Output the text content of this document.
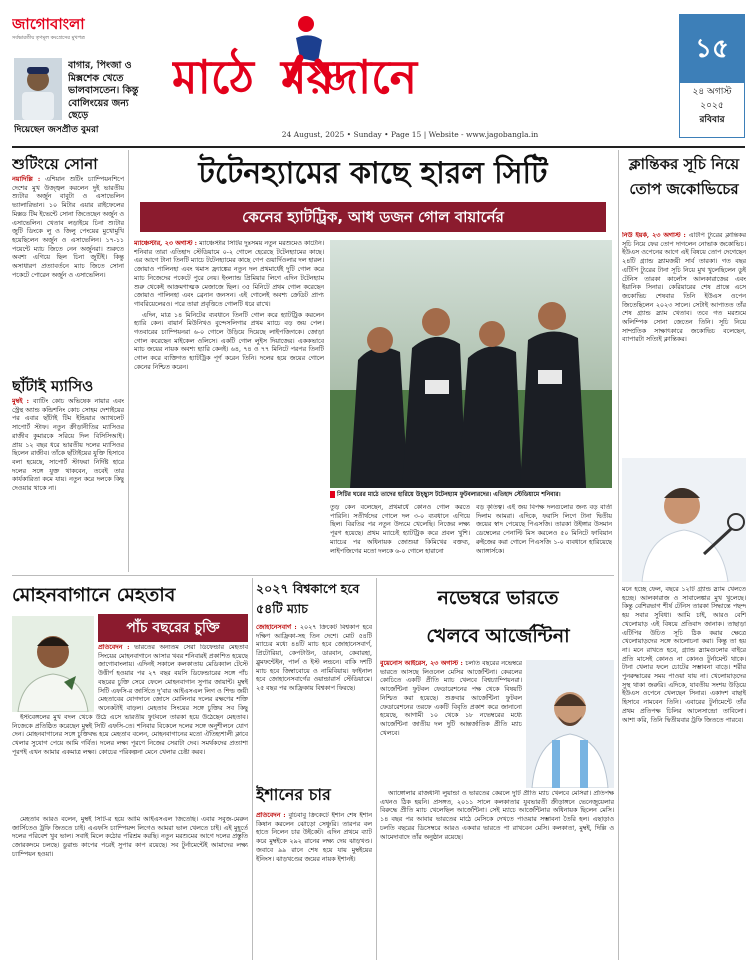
জাগোবাংলা
সর্বভারতীয় তৃণমূল কংগ্রেসের মুখপত্র
বাগার, পিংজা ও মিক্সশেক খেতে ভালবাসতেন। কিন্তু বোলিংয়ের জন্য ছেড়ে
দিয়েছেন জসপ্রীত বুমরা
মাঠে ময়দানে
24 August, 2025 • Sunday • Page 15 | Website - www.jagobangla.in
১৫
২৪ অগাস্ট
২০২৫
রবিবার
শুটিংয়ে সোনা
নয়াদিল্লি : এশিয়ান শুটিং চ্যাম্পিয়নশিপে দেশের মুখ উজ্জ্বল করলেন দুই ভারতীয় শ্যুটার অর্জুন বাবুটা ও এসাভেলিন ভ্যালারিভান। ১০ মিটার এয়ার রাইফেলের মিক্সড টিম ইভেন্টে সোনা জিতেছেন অর্জুন ও এসাভেলিন। খেতাব লড়াইয়ে চিনা শ্যুটার জুটি ডিংকে লু ও জিলু পেংয়ের মুখোমুখি হয়েছিলেন অর্জুন ও এসাভেলিন। ১৭-১১ পয়েন্টে ম্যাচ জিতে নেন অর্জুনরা। শুরুতে অবশ্য এগিয়ে ছিল চিনা জুটিই। কিন্তু অসাধারণ প্রত্যাবর্তনে ম্যাচ জিতে সোনা পকেটে পোরেন অর্জুন ও এসাভেলিন।
ছাঁটাই ম্যাসিও
মুম্বই : ব্যাটিং কোচ অভিষেক নায়ার এবং স্ট্রেন্থ অ্যান্ড কন্ডিশনিং কোচ সোহম দেশাইয়ের পর এবার ছাঁটাই টিম ইন্ডিয়ার অ্যাথলেট সাপোর্ট স্টাফ। নতুন ক্রীড়ানীতির ম্যাসিওর রাজীব কুমারকে সরিয়ে দিল বিসিসিআই। প্রায় ১২ বছর ধরে ভারতীয় দলের ম্যাসিওর ছিলেন রাজীব। তাঁকে ছাঁটাইয়ের যুক্তি হিসাবে বলা হয়েছে, সাপোর্ট স্টাফরা নির্দিষ্ট হারে দলের সঙ্গে যুক্ত থাকবেন, তবেই তার কার্যকারিতা কমে যায়। নতুন করে দলকে কিছু দেওয়ার থাকে না।
টটেনহ্যামের কাছে হারল সিটি
কেনের হ্যাটট্রিক, আধ ডজন গোল বায়ার্নের
ম্যাঞ্চেস্টার, ২৩ অগাস্ট : ম্যাঞ্চেস্টার সিটির দুঃসময় নতুন মরশুমেও কাটেনি। শনিবার তারা এতিহাদ স্টেডিয়ামে ০-২ গোলে হেরেছে টটেনহ্যামের কাছে। এর আগে টানা তিনটি ম্যাচে টটেনহ্যামের কাছে গেপ গুয়ার্দিওলার দল হারল। জোয়াও পালিনহা এবং থমাস ফ্র্যাঙ্কের নতুন দল প্রথমার্ধেই দুটি গোল করে ম্যাচ নিজেদের পকেটে পুরে নেয়। ইংল্যান্ড প্রিমিয়ার লিগে এদিন টটেনহ্যাম শুরু থেকেই আক্রমণাত্মক মেজাজে ছিল। ৩৫ মিনিটে প্রথম গোল করেছেন জোয়াও পালিনহা এবং ব্রেনান জনসন। এই গোলেই অবশ্য ক্রেডিট প্রাপ্য গাবরিয়েলেরও। পরে তারা প্রবৃত্তিতে গোলটি ধরে রাখে।
এদিন, মাত্র ১৪ মিনিটের ব্যবধানে তিনটি গোল করে হ্যাটট্রিক করলেন হ্যারি কেন। বায়ার্ন মিউনিখও বুন্দেসলিগার প্রথম ম্যাচে বড় জয় পেল। গতবারের চ্যাম্পিয়নরা ৬-০ গোলে উড়িয়ে দিয়েছে লাইপজিগকে। জোড়া গোল করেছেন মাইকেল ওলিসে। একটি গোল লুইস দিয়াজের। এককভাবে ম্যাচ জয়ের নায়ক অবশ্য হ্যারি কেনই। ৬৪, ৭৪ ও ৭৭ মিনিটে পরপর তিনটি গোল করে ব্যক্তিগত হ্যাটট্রিক পূর্ণ করেন তিনি। দলের হয়ে জয়ের গোলে কেনের নিশ্চিত করেন।
সিটির ঘরের মাঠে তাদের হারিয়ে উচ্ছ্বাস টটেনহ্যাম ফুটবলারদের। এতিহাদ স্টেডিয়ামে শনিবার।
তুড় কেন বলেছেন, প্রথমার্ধে কোনও গোল করতে পারিনি। সতীর্থদের গোলে দল ৩-০ ব্যবধানে এগিয়ে ছিল। বিরতির পর নতুন উদ্যমে খেলেছি। নিজের লক্ষ্য পূরণ হয়েছে। প্রথম ম্যাচেই হ্যাটট্রিক করে প্রবল খুশি। ম্যাচের পর অধিনায়ক জোশুয়া কিমিখের বক্তব্য, লাইপজিগের মতো দলকে ৬-০ গোলে হারানো
বড় কৃতিত্ব। এই জয় বিপক্ষ দলগুলোর জন্য বড় বার্তা দিলাম আমরা। এদিকে, ফরাসি লিগে টানা দ্বিতীয় জয়ের স্বাদ পেয়েছে পিএসজি। তারকা উইঙ্গার উসমান ডেম্বেলের পেনাল্টি মিস করলেও ৫০ মিনিটে ফাবিয়ান রুইজের করা গোলে পিএসজি ১-০ ব্যবধানে হারিয়েছে অ্যাঙ্গার্সকে।
ক্লান্তিকর সূচি নিয়ে তোপ জকোভিচের
নিউ ইয়র্ক, ২৩ অগাস্ট : এটিপি ট্যুরের ক্লান্তিকর সূচি নিয়ে ফের তোপ দাগলেন নোভাক জকোভিচ। ইউএস ওপেনের আগে এই বিষয়ে তোপ দেগেছেন ২৪টি গ্র্যান্ড স্ল্যামজয়ী সার্ব তারকা। গত বছর এটিপি ট্যুরের টানা সূচি নিয়ে মুখ খুলেছিলেন ডুই টেনিস তারকা কার্লোস আলকারাজের এবং ইয়ানিক সিনার। কেরিয়ারের শেষ প্রান্তে এসে জকোভিচ শেষবার তিনি ইউএস ওপেন জিতেছিলেন ২০২৩ সালে। সেটাই আপাতত তাঁর শেষ গ্র্যান্ড স্ল্যাম খেতাব। তবে গত মরশুমে অলিম্পিক সোনা জেতেন তিনি। সূচি নিয়ে সাম্প্রতিক সাক্ষাৎকারে জকোভিচ বলেছেন, ব্যাপারটা সত্যিই ক্লান্তিকর।
মনে হচ্ছে ফেল, বছরে ১২টি গ্র্যান্ড স্ল্যাম খেলতে হচ্ছে। আলকারাজ ও সাবালেঙ্কার মুখ খুলেছে। কিন্তু বেশিরভাগ শীর্ষ টেনিস তারকা সিদ্ধান্তে পছন্দ হয় সবার সুবিধা। আমি চাই, আরও বেশি খেলোয়াড় এই বিষয়ে প্রতিবাদ জানাক। তাছাড়া এটিপির উচিত সূচি ঠিক করার ক্ষেত্রে খেলোয়াড়দের সঙ্গে আলোচনা করা। কিন্তু তা হয় না। মনে রাখতে হবে, গ্র্যান্ড স্ল্যামগুলোর বাইরে প্রতি মাসেই কোনও না কোনও টুর্নামেন্ট থাকে। টানা খেলার ফলে চোটের সম্ভাবনা বাড়ে। শরীর পুনরুদ্ধারের সময় পাওয়া যায় না। খেলোয়াড়দের সুস্থ থাকা জরুরি। এদিকে, যাবতীয় সংশয় উড়িয়ে ইউএস ওপেনে খেলছেন সিনার। একাদশ বাছাই হিসাবে নামবেন তিনি। এবারের টুর্নামেন্টে তাঁর প্রথম প্রতিপক্ষ চিলির আলেসান্দ্রো তাবিলো। আশা করি, তিনি দ্বিতীয়বার ট্রফি জিততে পারবে।
মোহনবাগানে মেহতাব
পাঁচ বছরের চুক্তি
প্রতিবেদন : ভারতের অন্যতম সেরা ডিফেন্ডার মেহতাব সিংয়ের মোহনবাগানে আসার খবর শনিবারই প্রকাশিত হয়েছে জাগোবাংলায়। এদিনই সকালে কলকাতায় মেডিক্যাল টেস্টে উত্তীর্ণ হওয়ার পর ২৭ বছর বয়সি ডিফেন্ডারের সঙ্গে পাঁচ বছরের চুক্তি সেরে ফেলে মোহনবাগান সুপার জায়ান্ট। মুম্বই সিটি এফসি-র জার্সিতে দু'বার আইএসএল লিগ ও শিল্ড জয়ী মেহতাবের যোগদানে জোসে মোলিনার দলের রক্ষণের শক্তি অনেকটাই বাড়ল। মেহতাব সিংয়ের সঙ্গে চুক্তির সব কিছু
ইস্টবেঙ্গলের মুখ বদল থেকে উঠে এসে ভারতীয় ফুটবলে তারকা হয়ে উঠেছেন মেহতাব। নিজেকে প্রতিষ্ঠিত করেছেন মুম্বই সিটি এফসি-তে। শনিবার বিকেলে দলের সঙ্গে অনুশীলনে যোগ দেন। মোহনবাগানের সঙ্গে চুক্তিবদ্ধ হয়ে মেহতাব বলেন, মোহনবাগানের মতো ঐতিহ্যশালী ক্লাবে খেলার সুযোগ পেয়ে আমি গর্বিত। দলের লক্ষ্য পূরণে নিজের সেরাটা দেব। সমর্থকদের প্রত্যাশা পূরণই এখন আমার একমাত্র লক্ষ্য। কোচের পরিকল্পনা মেনে খেলার চেষ্টা করব।
মেহতাব আরও বলেন, মুম্বই সিটি-র হয়ে আমি আইএসএল জিতেছি। এবার সবুজ-মেরুন জার্সিতেও ট্রফি জিততে চাই। এএফসি চ্যাম্পিয়ন্স লিগেও আমরা ভাল খেলতে চাই। এই মুহূর্তে দলের পরিবেশ খুব ভাল। সবাই মিলে কঠোর পরিশ্রম করছি। নতুন মরশুমের আগে দলের প্রস্তুতি জোরকদমে চলছে। ডুরান্ড কাপের পরেই সুপার কাপ রয়েছে। সব টুর্নামেন্টেই আমাদের লক্ষ্য চ্যাম্পিয়ন হওয়া।
২০২৭ বিশ্বকাপে হবে ৫৪টি ম্যাচ
জোহানেসবার্গ : ২০২৭ ক্রিকেট বিশ্বকাপ হবে দক্ষিণ আফ্রিকা-সহ তিন দেশে। মোট ৫৪টি ম্যাচের মধ্যে ৪৪টি ম্যাচ হবে জোহানেসবার্গ, প্রিটোরিয়া, কেপটাউন, ডারবান, কেবারহা, ব্লুমফন্টেইন, পার্ল ও ইস্ট লন্ডনে। বাকি দশটি ম্যাচ হবে জিম্বাবোয়ে ও নামিবিয়ায়। ফাইনাল হবে জোহানেসবার্গের ওয়ান্ডারার্স স্টেডিয়ামে। ২৫ বছর পর আফ্রিকায় বিশ্বকাপ ফিরছে।
ইশানের চার
প্রতিবেদন : বুচিবাবু ক্রিকেটে ইশান শেষ ইশান কিষান করলেন ঝোড়ো সেঞ্চুরি। তারপর বল হাতে নিলেন চার উইকেট। এদিন প্রথমে ব্যাট করে মুম্বইকে ২৯২ রানের লক্ষ্য দেয় ঝাড়খণ্ড। জবাবে ৯৯ রানে শেষ হয়ে যায় মুম্বইয়ের ইনিংস। ঝাড়খণ্ডের জয়ের নায়ক ইশানই।
নভেম্বরে ভারতে
খেলবে আর্জেন্টিনা
বুয়েনোস আইরেস, ২৩ অগাস্ট : চলতি বছরের নভেম্বরে ভারতে আসছে লিওনেল মেসির আর্জেন্টিনা। কেরলের কোচিতে একটি প্রীতি ম্যাচ খেলবে বিশ্বচ্যাম্পিয়নরা। আর্জেন্টিনা ফুটবল ফেডারেশনের পক্ষ থেকে বিষয়টি নিশ্চিত করা হয়েছে। শুক্রবার আর্জেন্টিনা ফুটবল ফেডারেশনের তরফে একটি বিবৃতি প্রকাশ করে জানানো হয়েছে, আগামী ১০ থেকে ১৮ নভেম্বরের মধ্যে আর্জেন্টিনা জাতীয় দল দুটি আন্তর্জাতিক প্রীতি ম্যাচ খেলবে।
অ্যাঙ্গোলার রাজধানী লুয়ান্ডা ও ভারতের কেরলে দুটি প্রীতি ম্যাচ খেলবে মেসিরা। প্রতিপক্ষ এখনও ঠিক হয়নি। প্রসঙ্গত, ২০১১ সালে কলকাতার যুবভারতী ক্রীড়াঙ্গনে ভেনেজুয়েলার বিরুদ্ধে প্রীতি ম্যাচ খেলেছিল আর্জেন্টিনা। সেই ম্যাচে আর্জেন্টিনার অধিনায়ক ছিলেন মেসি। ১৪ বছর পর আবার ভারতের মাঠে মেসিকে দেখতে পাওয়ার সম্ভাবনা তৈরি হল। এছাড়াও চলতি বছরের ডিসেম্বরে আরও একবার ভারতে পা রাখবেন মেসি। কলকাতা, মুম্বই, দিল্লি ও আমেদাবাদে তাঁর অনুষ্ঠান রয়েছে।
